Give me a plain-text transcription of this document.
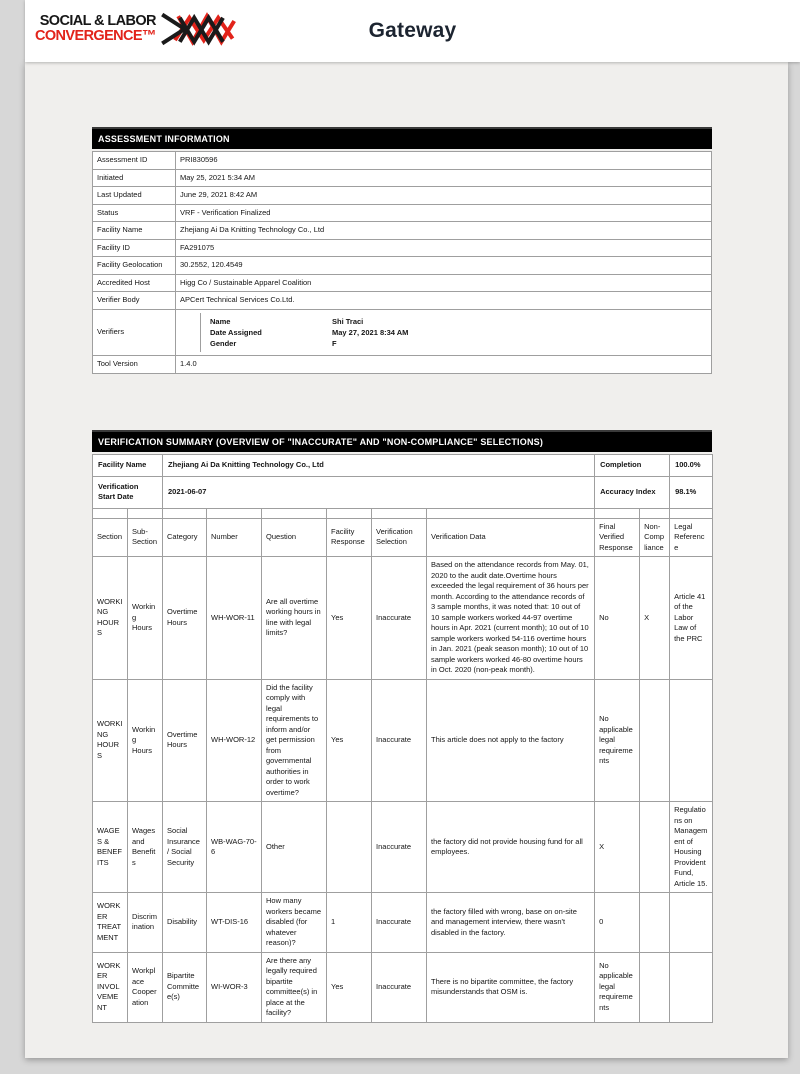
SOCIAL & LABOR
CONVERGENCE™	Gateway
ASSESSMENT INFORMATION
Assessment ID	PRI830596
Initiated	May 25, 2021 5:34 AM
Last Updated	June 29, 2021 8:42 AM
Status	VRF - Verification Finalized
Facility Name	Zhejiang Ai Da Knitting Technology Co., Ltd
Facility ID	FA291075
Facility Geolocation	30.2552, 120.4549
Accredited Host	Higg Co / Sustainable Apparel Coalition
Verifier Body	APCert Technical Services Co.Ltd.
Verifiers	
Name	Shi Traci
Date Assigned	May 27, 2021 8:34 AM
Gender	F

Tool Version	1.4.0
VERIFICATION SUMMARY (OVERVIEW OF "INACCURATE" AND "NON-COMPLIANCE" SELECTIONS)
Facility Name		Zhejiang Ai Da Knitting Technology Co., Ltd						Completion		100.0%
Verification Start Date		2021-06-07						Accuracy Index		98.1%

Section	Sub-Section	Category	Number	Question	Facility Response	Verification Selection	Verification Data	Final Verified Response	Non-Compliance	Legal Reference
WORKING HOURS	Working Hours	Overtime Hours	WH-WOR-11	Are all overtime working hours in line with legal limits?	Yes	Inaccurate	Based on the attendance records from May. 01, 2020 to the audit date.Overtime hours exceeded the legal requirement of 36 hours per month. According to the attendance records of 3 sample months, it was noted that: 10 out of 10 sample workers worked 44-97 overtime hours in Apr. 2021 (current month); 10 out of 10 sample workers worked 54-116 overtime hours in Jan. 2021 (peak season month); 10 out of 10 sample workers worked 46-80 overtime hours in Oct. 2020 (non-peak month).	No	X	Article 41 of the Labor Law of the PRC
WORKING HOURS	Working Hours	Overtime Hours	WH-WOR-12	Did the facility comply with legal requirements to inform and/or get permission from governmental authorities in order to work overtime?	Yes	Inaccurate	This article does not apply to the factory	No applicable legal requirements		
WAGES & BENEFITS	Wages and Benefits	Social Insurance / Social Security	WB-WAG-70-6	Other		Inaccurate	the factory did not provide housing fund for all employees.	X		Regulations on Management of Housing Provident Fund, Article 15.
WORKER TREATMENT	Discrimination	Disability	WT-DIS-16	How many workers became disabled (for whatever reason)?	1	Inaccurate	the factory filled with wrong, base on on-site and management interview, there wasn't disabled in the factory.	0		
WORKER INVOLVEMENT	Workplace Cooperation	Bipartite Committee(s)	WI-WOR-3	Are there any legally required bipartite committee(s) in place at the facility?	Yes	Inaccurate	There is no bipartite committee, the factory misunderstands that OSM is.	No applicable legal requirements		
